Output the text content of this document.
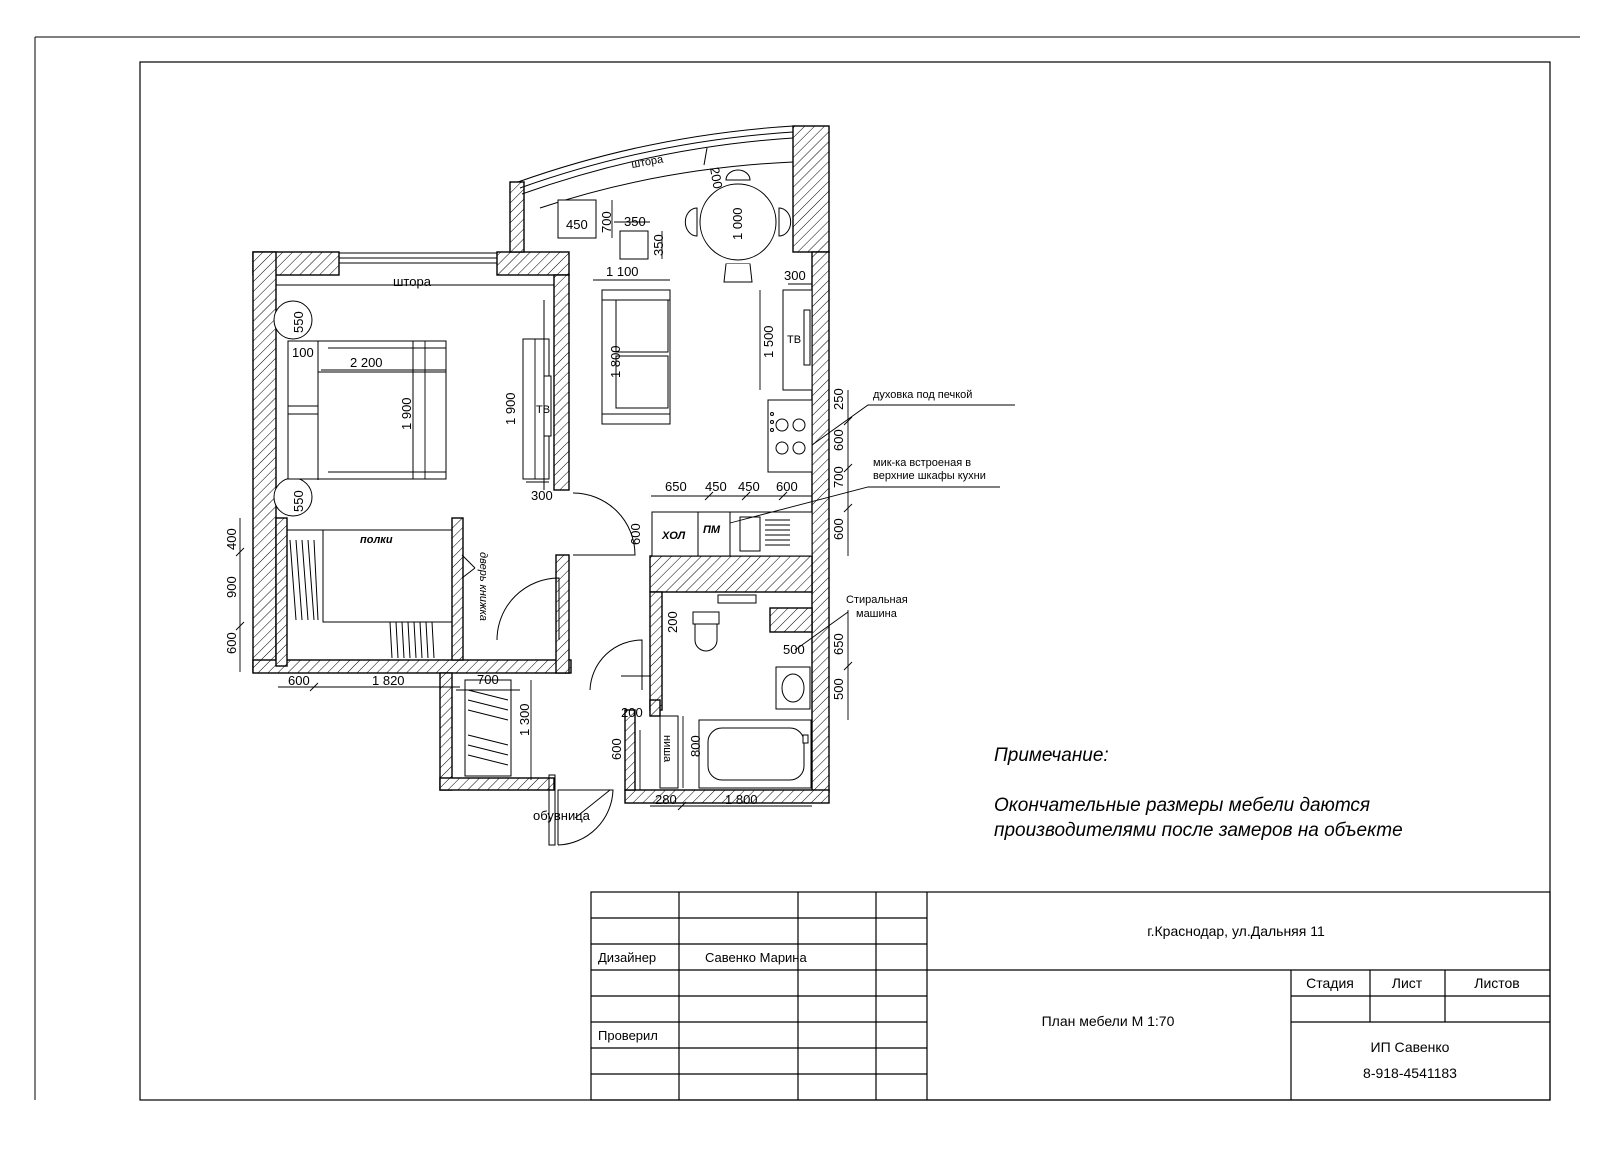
штора
200
штора
450 700 350
350
1 000
1 100	300
1 500 ТВ
1 800
550
100
2 200
1 900
550
1 900 ТВ
300
полки
дверь книжка
400
900
600
600	1 820	700
1 300
650 450 450 600
250
600
700
600
600 ХОЛ ПМ
духовка под печкой
мик-ка встроеная в
верхние шкафы кухни
Стиральная
машина
200
500 650
500
200
ниша 800
600
280	1 800
обувница
Примечание:
Окончательные размеры мебели даются
производителями после замеров на объекте
Дизайнер	Савенко Марина
Проверил
г.Краснодар, ул.Дальняя 11
План мебели М 1:70
Стадия	Лист	Листов
ИП Савенко
8-918-4541183
